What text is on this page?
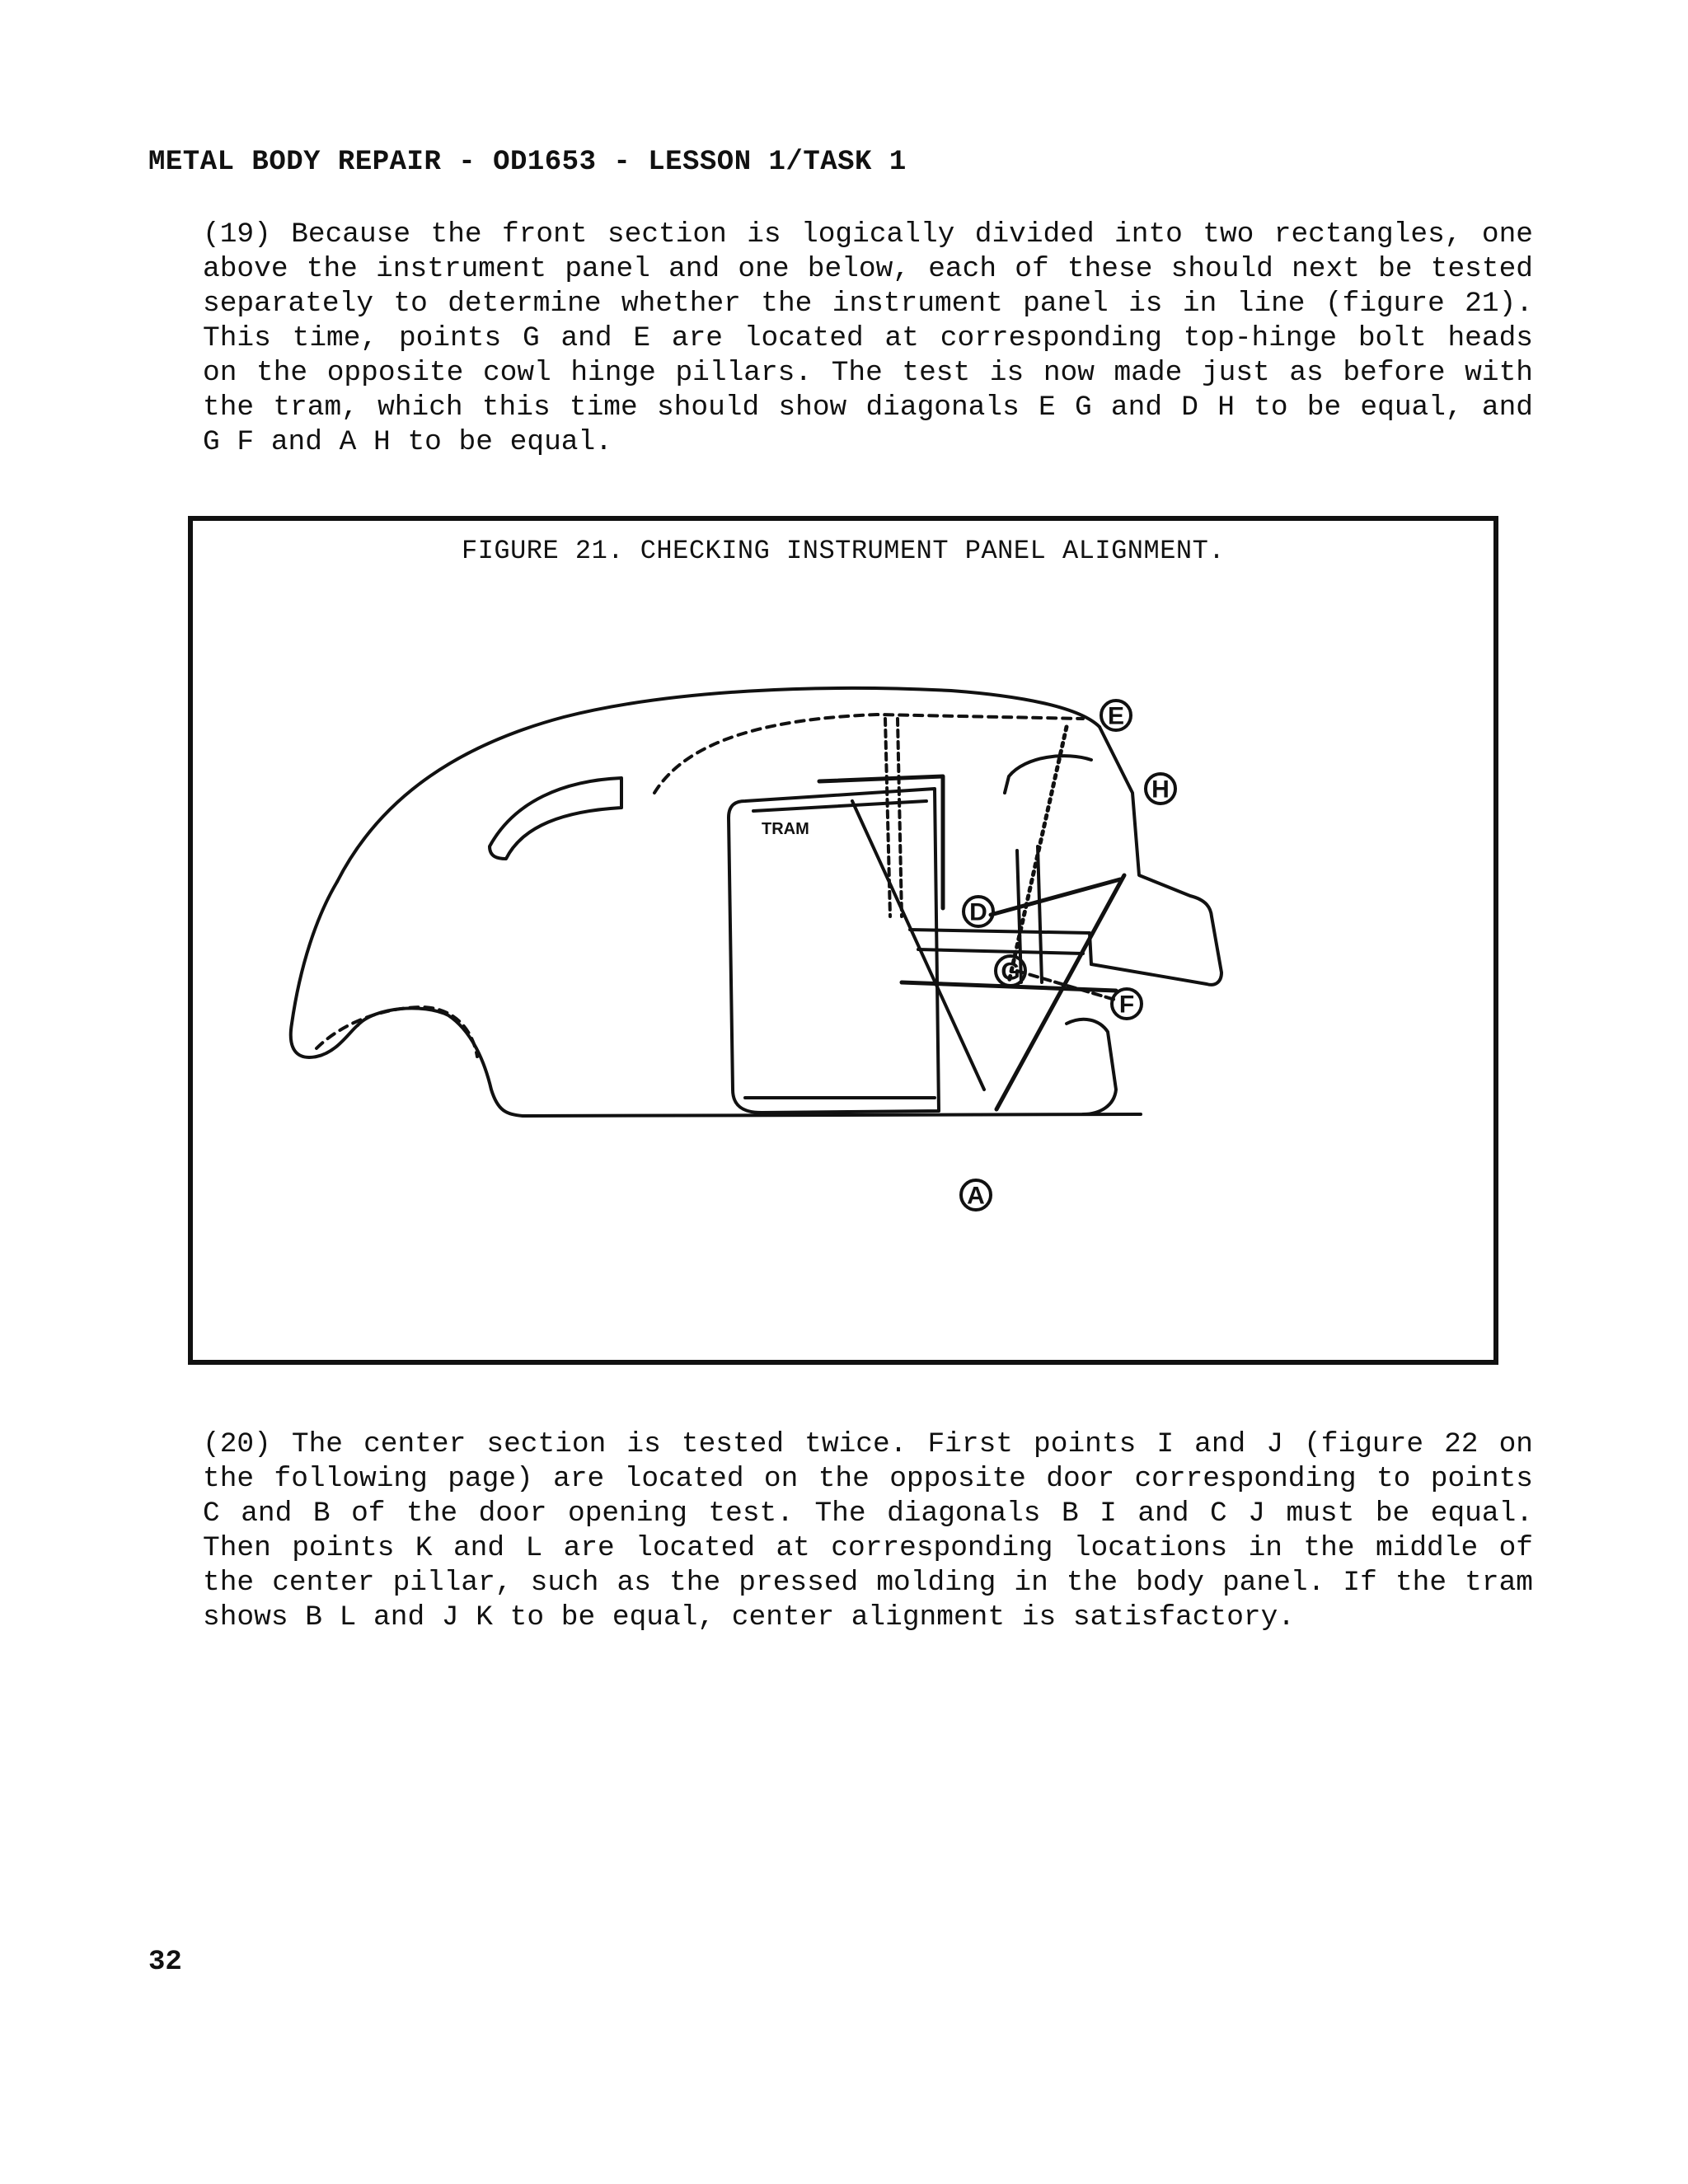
METAL BODY REPAIR - OD1653 - LESSON 1/TASK 1

(19) Because the front section is logically divided into two rectangles, one above the instrument panel and one below, each of these should next be tested separately to determine whether the instrument panel is in line (figure 21). This time, points G and E are located at corresponding top-hinge bolt heads on the opposite cowl hinge pillars. The test is now made just as before with the tram, which this time should show diagonals E G and D H to be equal, and G F and A H to be equal.

FIGURE 21. CHECKING INSTRUMENT PANEL ALIGNMENT.
E
H
D
G
F
A
TRAM

(20) The center section is tested twice. First points I and J (figure 22 on the following page) are located on the opposite door corresponding to points C and B of the door opening test. The diagonals B I and C J must be equal. Then points K and L are located at corresponding locations in the middle of the center pillar, such as the pressed molding in the body panel. If the tram shows B L and J K to be equal, center alignment is satisfactory.

32
